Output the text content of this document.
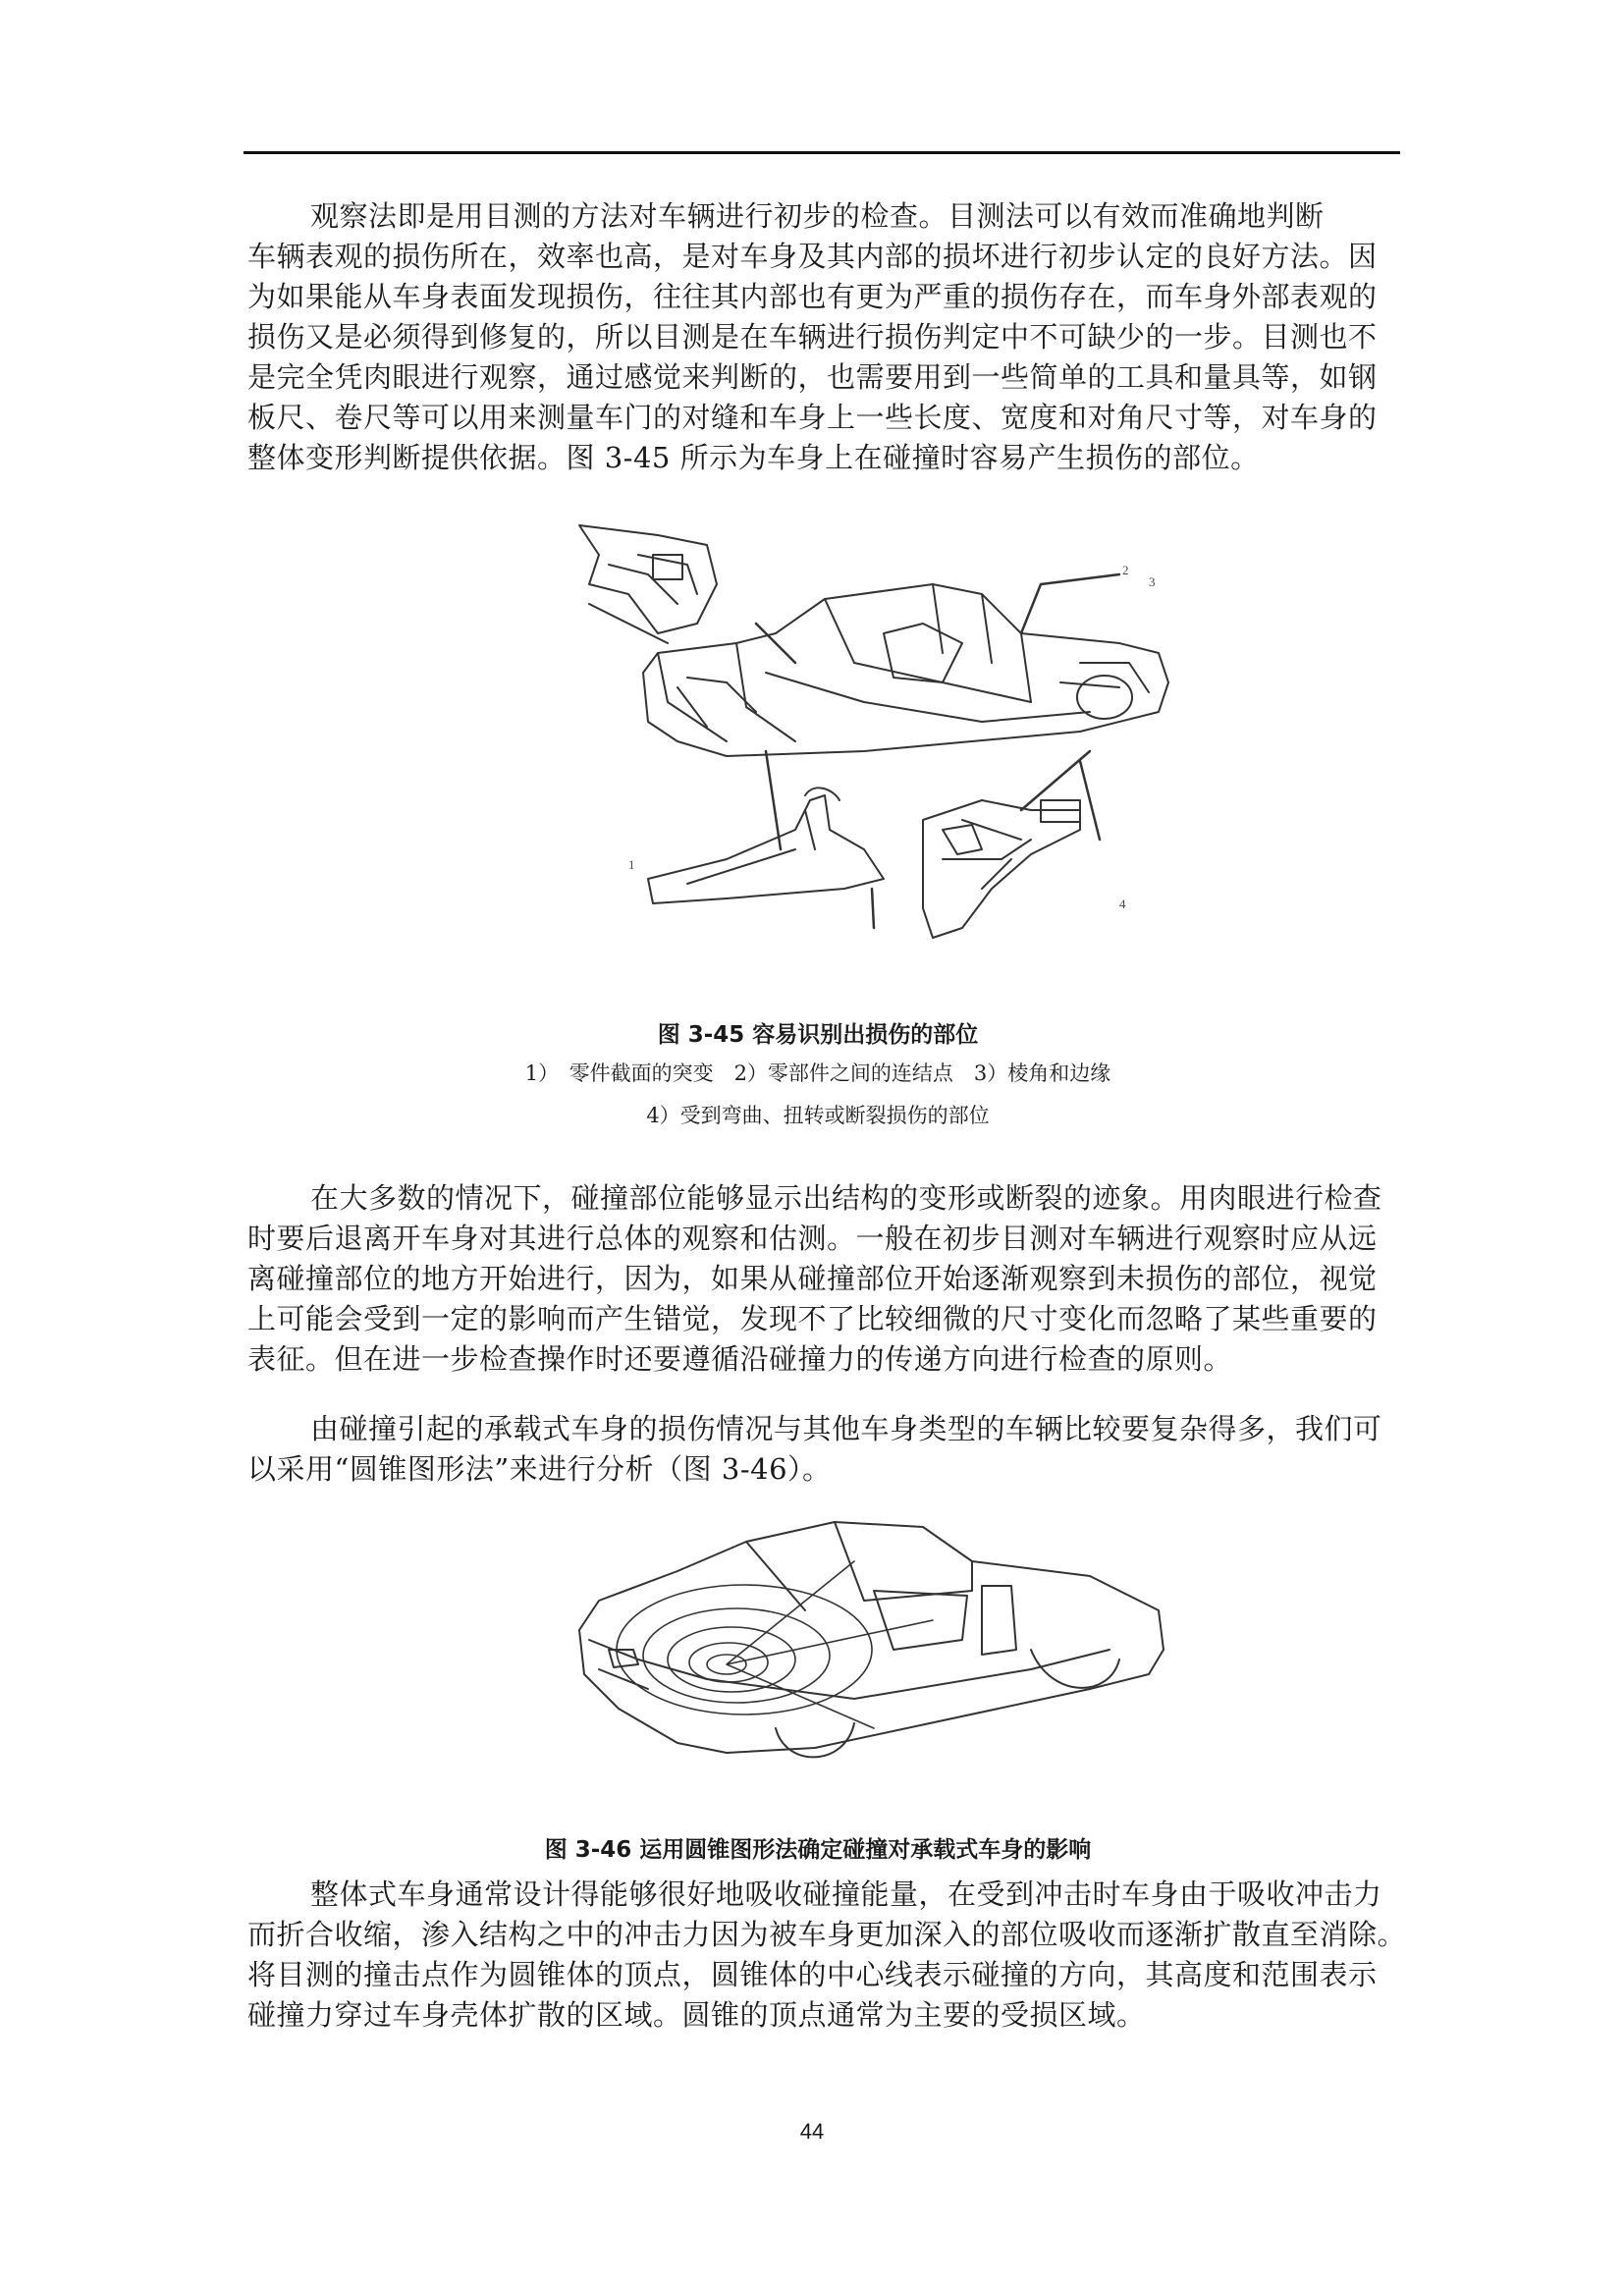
观察法即是用目测的方法对车辆进行初步的检查。目测法可以有效而准确地判断
车辆表观的损伤所在，效率也高，是对车身及其内部的损坏进行初步认定的良好方法。因
为如果能从车身表面发现损伤，往往其内部也有更为严重的损伤存在，而车身外部表观的
损伤又是必须得到修复的，所以目测是在车辆进行损伤判定中不可缺少的一步。目测也不
是完全凭肉眼进行观察，通过感觉来判断的，也需要用到一些简单的工具和量具等，如钢
板尺、卷尺等可以用来测量车门的对缝和车身上一些长度、宽度和对角尺寸等，对车身的
整体变形判断提供依据。图 3-45 所示为车身上在碰撞时容易产生损伤的部位。
2
3
1
4

图 3-45 容易识别出损伤的部位

1）　零件截面的突变　2）零部件之间的连结点　3）棱角和边缘

4）受到弯曲、扭转或断裂损伤的部位

在大多数的情况下，碰撞部位能够显示出结构的变形或断裂的迹象。用肉眼进行检查
时要后退离开车身对其进行总体的观察和估测。一般在初步目测对车辆进行观察时应从远
离碰撞部位的地方开始进行，因为，如果从碰撞部位开始逐渐观察到未损伤的部位，视觉
上可能会受到一定的影响而产生错觉，发现不了比较细微的尺寸变化而忽略了某些重要的
表征。但在进一步检查操作时还要遵循沿碰撞力的传递方向进行检查的原则。
由碰撞引起的承载式车身的损伤情况与其他车身类型的车辆比较要复杂得多，我们可
以采用“圆锥图形法”来进行分析（图 3-46）。

图 3-46 运用圆锥图形法确定碰撞对承载式车身的影响

整体式车身通常设计得能够很好地吸收碰撞能量，在受到冲击时车身由于吸收冲击力
而折合收缩，渗入结构之中的冲击力因为被车身更加深入的部位吸收而逐渐扩散直至消除。
将目测的撞击点作为圆锥体的顶点，圆锥体的中心线表示碰撞的方向，其高度和范围表示
碰撞力穿过车身壳体扩散的区域。圆锥的顶点通常为主要的受损区域。
44
